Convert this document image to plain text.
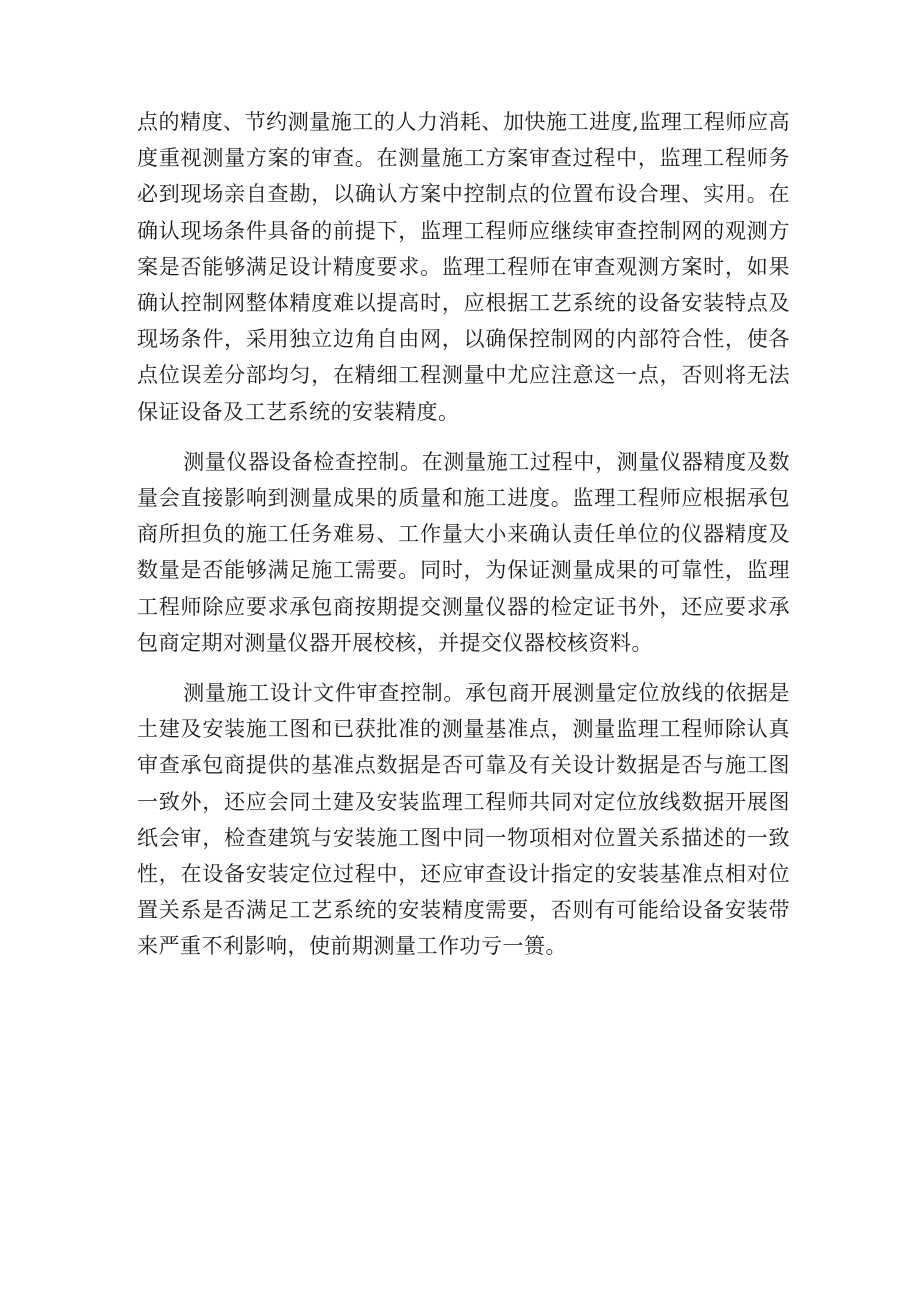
点的精度、节约测量施工的人力消耗、加快施工进度,监理工程师应高度重视测量方案的审查。在测量施工方案审查过程中，监理工程师务必到现场亲自查勘，以确认方案中控制点的位置布设合理、实用。在确认现场条件具备的前提下，监理工程师应继续审查控制网的观测方案是否能够满足设计精度要求。监理工程师在审查观测方案时，如果确认控制网整体精度难以提高时，应根据工艺系统的设备安装特点及现场条件，采用独立边角自由网，以确保控制网的内部符合性，使各点位误差分部均匀，在精细工程测量中尤应注意这一点，否则将无法保证设备及工艺系统的安装精度。

测量仪器设备检查控制。在测量施工过程中，测量仪器精度及数量会直接影响到测量成果的质量和施工进度。监理工程师应根据承包商所担负的施工任务难易、工作量大小来确认责任单位的仪器精度及数量是否能够满足施工需要。同时，为保证测量成果的可靠性，监理工程师除应要求承包商按期提交测量仪器的检定证书外，还应要求承包商定期对测量仪器开展校核，并提交仪器校核资料。

测量施工设计文件审查控制。承包商开展测量定位放线的依据是土建及安装施工图和已获批准的测量基准点，测量监理工程师除认真审查承包商提供的基准点数据是否可靠及有关设计数据是否与施工图一致外，还应会同土建及安装监理工程师共同对定位放线数据开展图纸会审，检查建筑与安装施工图中同一物项相对位置关系描述的一致性，在设备安装定位过程中，还应审查设计指定的安装基准点相对位置关系是否满足工艺系统的安装精度需要，否则有可能给设备安装带来严重不利影响，使前期测量工作功亏一篑。
